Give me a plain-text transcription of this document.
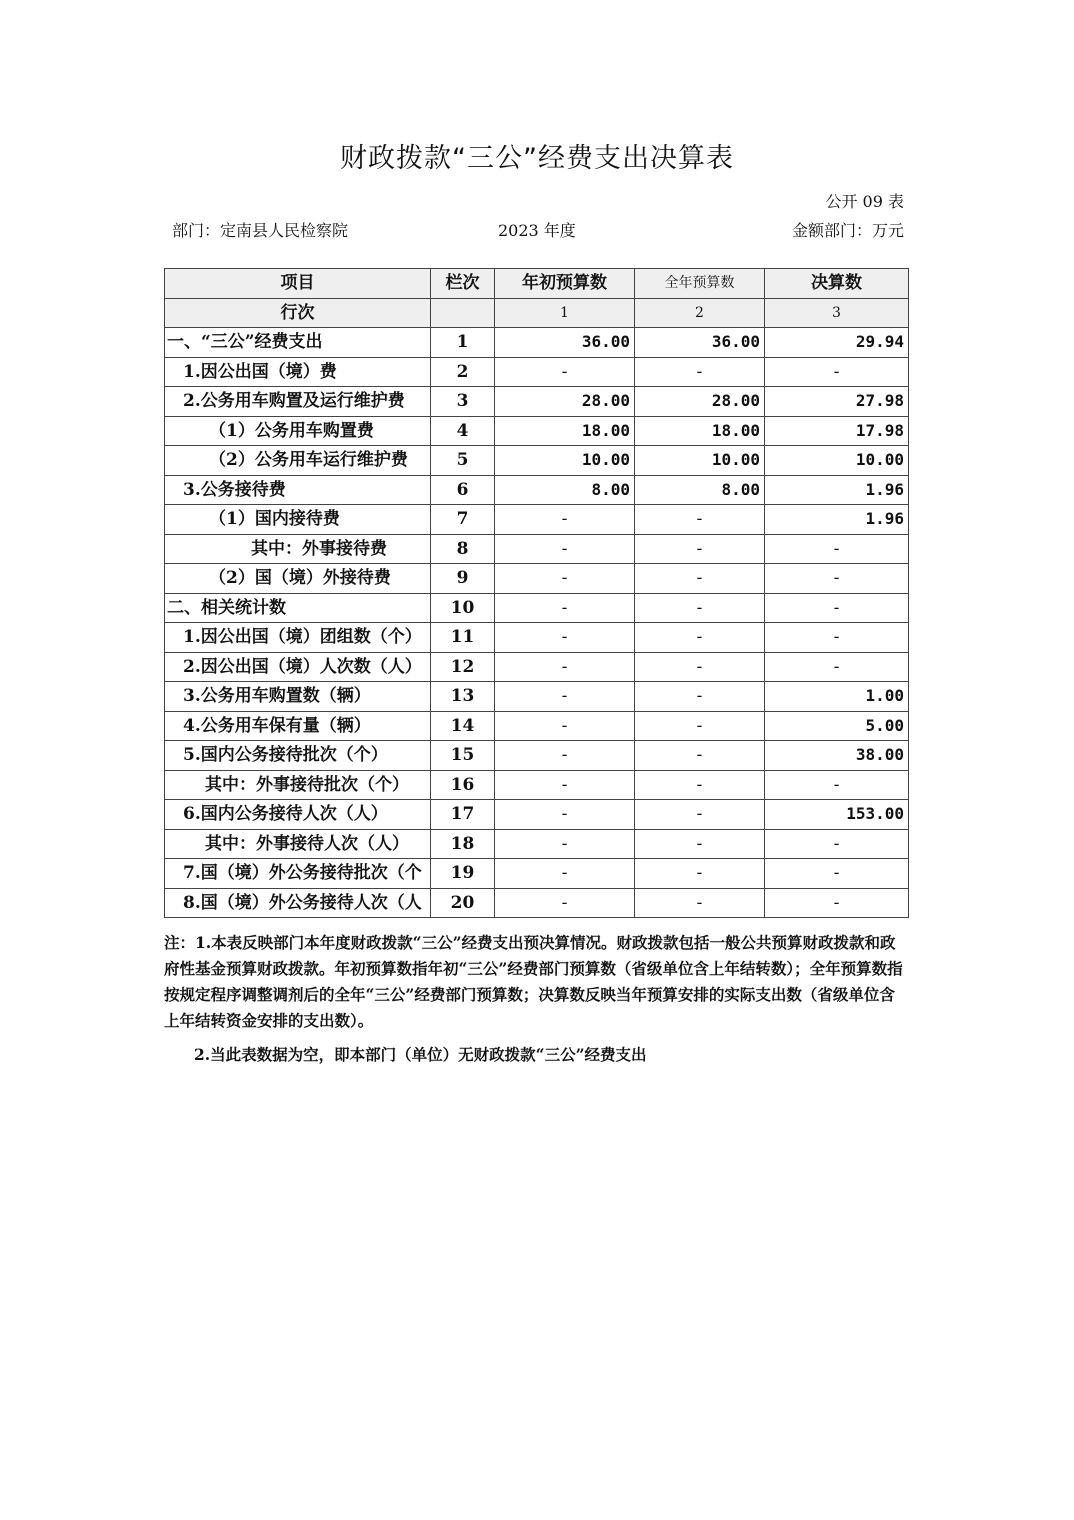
财政拨款“三公”经费支出决算表
公开 09 表
部门：定南县人民检察院	2023 年度	金额部门：万元
项目	栏次	年初预算数	全年预算数	决算数
行次		1	2	3
一、“三公”经费支出	1	36.00	36.00	29.94
1.因公出国（境）费	2	-	-	-
2.公务用车购置及运行维护费	3	28.00	28.00	27.98
（1）公务用车购置费	4	18.00	18.00	17.98
（2）公务用车运行维护费	5	10.00	10.00	10.00
3.公务接待费	6	8.00	8.00	1.96
（1）国内接待费	7	-	-	1.96
其中：外事接待费	8	-	-	-
（2）国（境）外接待费	9	-	-	-
二、相关统计数	10	-	-	-
1.因公出国（境）团组数（个）	11	-	-	-
2.因公出国（境）人次数（人）	12	-	-	-
3.公务用车购置数（辆）	13	-	-	1.00
4.公务用车保有量（辆）	14	-	-	5.00
5.国内公务接待批次（个）	15	-	-	38.00
其中：外事接待批次（个）	16	-	-	-
6.国内公务接待人次（人）	17	-	-	153.00
其中：外事接待人次（人）	18	-	-	-
7.国（境）外公务接待批次（个	19	-	-	-
8.国（境）外公务接待人次（人	20	-	-	-

注：1.本表反映部门本年度财政拨款“三公”经费支出预决算情况。财政拨款包括一般公共预算财政拨款和政府性基金预算财政拨款。年初预算数指年初“三公”经费部门预算数（省级单位含上年结转数）；全年预算数指按规定程序调整调剂后的全年“三公”经费部门预算数；决算数反映当年预算安排的实际支出数（省级单位含上年结转资金安排的支出数）。

2.当此表数据为空，即本部门（单位）无财政拨款“三公”经费支出
